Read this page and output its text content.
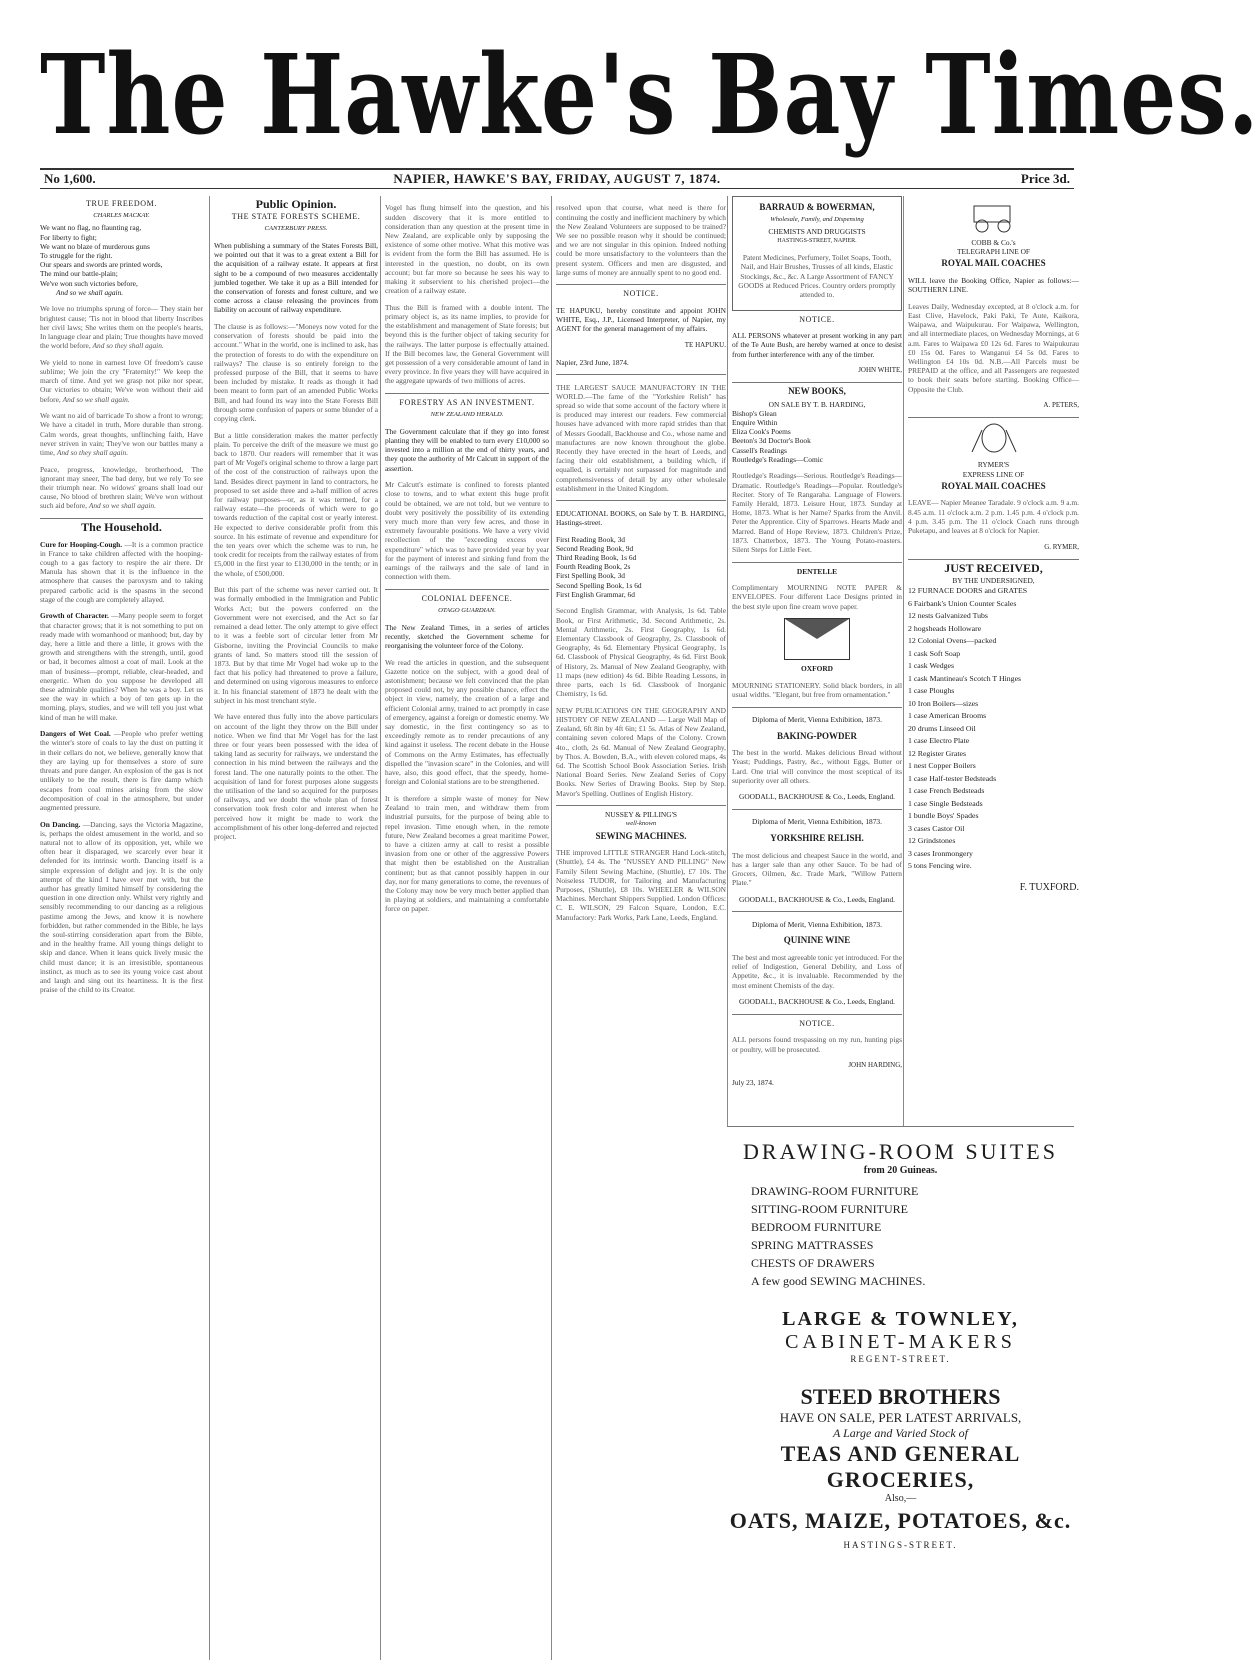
The Hawke's Bay Times.
No 1,600.	NAPIER, HAWKE'S BAY, FRIDAY, AUGUST 7, 1874.	Price 3d.
TRUE FREEDOM.
CHARLES MACKAY.

We want no flag, no flaunting rag,

For liberty to fight;

We want no blaze of murderous guns

To struggle for the right.

Our spears and swords are printed words,

The mind our battle-plain;

We've won such victories before,

And so we shall again.

We love no triumphs sprung of force— They stain her brightest cause; 'Tis not in blood that liberty Inscribes her civil laws; She writes them on the people's hearts, In language clear and plain; True thoughts have moved the world before, And so they shall again.

We yield to none in earnest love Of freedom's cause sublime; We join the cry "Fraternity!" We keep the march of time. And yet we grasp not pike nor spear, Our victories to obtain; We've won without their aid before, And so we shall again.

We want no aid of barricade To show a front to wrong; We have a citadel in truth, More durable than strong. Calm words, great thoughts, unflinching faith, Have never striven in vain; They've won our battles many a time, And so they shall again.

Peace, progress, knowledge, brotherhood, The ignorant may sneer, The bad deny, but we rely To see their triumph near. No widows' groans shall load our cause, No blood of brethren slain; We've won without such aid before, And so we shall again.

The Household.

Cure for Hooping-Cough. —It is a common practice in France to take children affected with the hooping-cough to a gas factory to respire the air there. Dr Manula has shown that it is the influence in the atmosphere that causes the paroxysm and to taking prepared carbolic acid is the spasms in the second stage of the cough are completely allayed.

Growth of Character. —Many people seem to forget that character grows; that it is not something to put on ready made with womanhood or manhood; but, day by day, here a little and there a little, it grows with the growth and strengthens with the strength, until, good or bad, it becomes almost a coat of mail. Look at the man of business—prompt, reliable, clear-headed, and energetic. When do you suppose he developed all these admirable qualities? When he was a boy. Let us see the way in which a boy of ten gets up in the morning, plays, studies, and we will tell you just what kind of man he will make.

Dangers of Wet Coal. —People who prefer wetting the winter's store of coals to lay the dust on putting it in their cellars do not, we believe, generally know that they are laying up for themselves a store of sure threats and pure danger. An explosion of the gas is not unlikely to be the result, there is fire damp which escapes from coal mines arising from the slow decomposition of coal in the atmosphere, but under augmented pressure.

On Dancing. —Dancing, says the Victoria Magazine, is, perhaps the oldest amusement in the world, and so natural not to allow of its opposition, yet, while we often hear it disparaged, we scarcely ever hear it defended for its intrinsic worth. Dancing itself is a simple expression of delight and joy. It is the only attempt of the kind I have ever met with, but the author has greatly limited himself by considering the question in one direction only. Whilst very rightly and sensibly recommending to our dancing as a religious pastime among the Jews, and know it is nowhere forbidden, but rather commended in the Bible, he lays the soul-stirring consideration apart from the Bible, and in the healthy frame. All young things delight to skip and dance. When it leans quick lively music the child must dance; it is an irresistible, spontaneous instinct, as much as to see its young voice cast about and laugh and sing out its heartiness. It is the first praise of the child to its Creator.

Public Opinion.
THE STATE FORESTS SCHEME.
CANTERBURY PRESS.

When publishing a summary of the States Forests Bill, we pointed out that it was to a great extent a Bill for the acquisition of a railway estate. It appears at first sight to be a compound of two measures accidentally jumbled together. We take it up as a Bill intended for the conservation of forests and forest culture, and we come across a clause releasing the provinces from liability on account of railway expenditure.

The clause is as follows:—"Moneys now voted for the conservation of forests should be paid into the account." What in the world, one is inclined to ask, has the protection of forests to do with the expenditure on railways? The clause is so entirely foreign to the professed purpose of the Bill, that it seems to have been included by mistake. It reads as though it had been meant to form part of an amended Public Works Bill, and had found its way into the State Forests Bill through some confusion of papers or some blunder of a copying clerk.

But a little consideration makes the matter perfectly plain. To perceive the drift of the measure we must go back to 1870. Our readers will remember that it was part of Mr Vogel's original scheme to throw a large part of the cost of the construction of railways upon the land. Besides direct payment in land to contractors, he proposed to set aside three and a-half million of acres for railway purposes—or, as it was termed, for a railway estate—the proceeds of which were to go towards reduction of the capital cost or yearly interest. He expected to derive considerable profit from this source. In his estimate of revenue and expenditure for the ten years over which the scheme was to run, he took credit for receipts from the railway estates of from £5,000 in the first year to £130,000 in the tenth; or in the whole, of £500,000.

But this part of the scheme was never carried out. It was formally embodied in the Immigration and Public Works Act; but the powers conferred on the Government were not exercised, and the Act so far remained a dead letter. The only attempt to give effect to it was a feeble sort of circular letter from Mr Gisborne, inviting the Provincial Councils to make grants of land. So matters stood till the session of 1873. But by that time Mr Vogel had woke up to the fact that his policy had threatened to prove a failure, and determined on using vigorous measures to enforce it. In his financial statement of 1873 he dealt with the subject in his most trenchant style.

We have entered thus fully into the above particulars on account of the light they throw on the Bill under notice. When we find that Mr Vogel has for the last three or four years been possessed with the idea of taking land as security for railways, we understand the connection in his mind between the railways and the forest land. The one naturally points to the other. The acquisition of land for forest purposes alone suggests the utilisation of the land so acquired for the purposes of railways, and we doubt the whole plan of forest conservation took fresh color and interest when he perceived how it might be made to work the accomplishment of his other long-deferred and rejected project.

Vogel has flung himself into the question, and his sudden discovery that it is more entitled to consideration than any question at the present time in New Zealand, are explicable only by supposing the existence of some other motive. What this motive was is evident from the form the Bill has assumed. He is interested in the question, no doubt, on its own account; but far more so because he sees his way to making it subservient to his cherished project—the creation of a railway estate.

Thus the Bill is framed with a double intent. The primary object is, as its name implies, to provide for the establishment and management of State forests; but beyond this is the further object of taking security for the railways. The latter purpose is effectually attained. If the Bill becomes law, the General Government will get possession of a very considerable amount of land in every province. In five years they will have acquired in the aggregate upwards of two millions of acres.

FORESTRY AS AN INVESTMENT.
NEW ZEALAND HERALD.

The Government calculate that if they go into forest planting they will be enabled to turn every £10,000 so invested into a million at the end of thirty years, and they quote the authority of Mr Calcutt in support of the assertion.

Mr Calcutt's estimate is confined to forests planted close to towns, and to what extent this huge profit could be obtained, we are not told, but we venture to doubt very positively the possibility of its extending very much more than very few acres, and those in extremely favourable positions. We have a very vivid recollection of the "exceeding excess over expenditure" which was to have provided year by year for the payment of interest and sinking fund from the earnings of the railways and the sale of land in connection with them.

COLONIAL DEFENCE.
OTAGO GUARDIAN.

The New Zealand Times, in a series of articles recently, sketched the Government scheme for reorganising the volunteer force of the Colony.

We read the articles in question, and the subsequent Gazette notice on the subject, with a good deal of astonishment; because we felt convinced that the plan proposed could not, by any possible chance, effect the object in view, namely, the creation of a large and efficient Colonial army, trained to act promptly in case of emergency, against a foreign or domestic enemy. We say domestic, in the first contingency so as to exceedingly remote as to render precautions of any kind against it useless. The recent debate in the House of Commons on the Army Estimates, has effectually dispelled the "invasion scare" in the Colonies, and will have, also, this good effect, that the speedy, home-foreign and Colonial stations are to be strengthened.

It is therefore a simple waste of money for New Zealand to train men, and withdraw them from industrial pursuits, for the purpose of being able to repel invasion. Time enough when, in the remote future, New Zealand becomes a great maritime Power, to have a citizen army at call to resist a possible invasion from one or other of the aggressive Powers that might then be established on the Australian continent; but as that cannot possibly happen in our day, nor for many generations to come, the revenues of the Colony may now be very much better applied than in playing at soldiers, and maintaining a comfortable force on paper.

resolved upon that course, what need is there for continuing the costly and inefficient machinery by which the New Zealand Volunteers are supposed to be trained? We see no possible reason why it should be continued; and we are not singular in this opinion. Indeed nothing could be more unsatisfactory to the volunteers than the present system. Officers and men are disgusted, and large sums of money are annually spent to no good end.

NOTICE.

TE HAPUKU, hereby constitute and appoint JOHN WHITE, Esq., J.P., Licensed Interpreter, of Napier, my AGENT for the general management of my affairs.

TE HAPUKU.

Napier, 23rd June, 1874.

THE LARGEST SAUCE MANUFACTORY IN THE WORLD.—The fame of the "Yorkshire Relish" has spread so wide that some account of the factory where it is produced may interest our readers. Few commercial houses have advanced with more rapid strides than that of Messrs Goodall, Backhouse and Co., whose name and manufactures are now known throughout the globe. Recently they have erected in the heart of Leeds, and facing their old establishment, a building which, if equalled, is certainly not surpassed for magnitude and comprehensiveness of detail by any other wholesale establishment in the United Kingdom.

EDUCATIONAL BOOKS, on Sale by T. B. HARDING, Hastings-street.

First Reading Book, 3d

Second Reading Book, 9d

Third Reading Book, 1s 6d

Fourth Reading Book, 2s

First Spelling Book, 3d

Second Spelling Book, 1s 6d

First English Grammar, 6d

Second English Grammar, with Analysis, 1s 6d. Table Book, or First Arithmetic, 3d. Second Arithmetic, 2s. Mental Arithmetic, 2s. First Geography, 1s 6d. Elementary Classbook of Geography, 2s. Classbook of Geography, 4s 6d. Elementary Physical Geography, 1s 6d. Classbook of Physical Geography, 4s 6d. First Book of History, 2s. Manual of New Zealand Geography, with 11 maps (new edition) 4s 6d. Bible Reading Lessons, in three parts, each 1s 6d. Classbook of Inorganic Chemistry, 1s 6d.

NEW PUBLICATIONS ON THE GEOGRAPHY AND HISTORY OF NEW ZEALAND — Large Wall Map of Zealand, 6ft 8in by 4ft 6in; £1 5s. Atlas of New Zealand, containing seven colored Maps of the Colony. Crown 4to., cloth, 2s 6d. Manual of New Zealand Geography, by Thos. A. Bowden, B.A., with eleven colored maps, 4s 6d. The Scottish School Book Association Series. Irish National Board Series. New Zealand Series of Copy Books. New Series of Drawing Books. Step by Step. Mavor's Spelling. Outlines of English History.

NUSSEY & PILLING'S
well-known
SEWING MACHINES.

THE improved LITTLE STRANGER Hand Lock-stitch, (Shuttle), £4 4s. The "NUSSEY AND PILLING" New Family Silent Sewing Machine, (Shuttle), £7 10s. The Noiseless TUDOR, for Tailoring and Manufacturing Purposes, (Shuttle), £8 10s. WHEELER & WILSON Machines. Merchant Shippers Supplied. London Offices: C. E. WILSON, 29 Falcon Square, London, E.C. Manufactory: Park Works, Park Lane, Leeds, England.

BARRAUD & BOWERMAN,
Wholesale, Family, and Dispensing
CHEMISTS AND DRUGGISTS
HASTINGS-STREET, NAPIER.

Patent Medicines, Perfumery, Toilet Soaps, Tooth, Nail, and Hair Brushes, Trusses of all kinds, Elastic Stockings, &c., &c. A Large Assortment of FANCY GOODS at Reduced Prices. Country orders promptly attended to.

NOTICE.

ALL PERSONS whatever at present working in any part of the Te Aute Bush, are hereby warned at once to desist from further interference with any of the timber.

JOHN WHITE,

NEW BOOKS,
ON SALE BY T. B. HARDING,

Bishop's Glean

Enquire Within

Eliza Cook's Poems

Beeton's 3d Doctor's Book

Cassell's Readings

Routledge's Readings—Comic

Routledge's Readings—Serious. Routledge's Readings—Dramatic. Routledge's Readings—Popular. Routledge's Reciter. Story of Te Rangaraha. Language of Flowers. Family Herald, 1873. Leisure Hour, 1873. Sunday at Home, 1873. What is her Name? Sparks from the Anvil. Peter the Apprentice. City of Sparrows. Hearts Made and Marred. Band of Hope Review, 1873. Children's Prize, 1873. Chatterbox, 1873. The Young Potato-roasters. Silent Steps for Little Feet.

DENTELLE

Complimentary MOURNING NOTE PAPER & ENVELOPES. Four different Lace Designs printed in the best style upon fine cream wove paper.

OXFORD

MOURNING STATIONERY. Solid black borders, in all usual widths. "Elegant, but free from ornamentation."

Diploma of Merit, Vienna Exhibition, 1873.

BAKING-POWDER

The best in the world. Makes delicious Bread without Yeast; Puddings, Pastry, &c., without Eggs, Butter or Lard. One trial will convince the most sceptical of its superiority over all others.

GOODALL, BACKHOUSE & Co., Leeds, England.

Diploma of Merit, Vienna Exhibition, 1873.

YORKSHIRE RELISH.

The most delicious and cheapest Sauce in the world, and has a larger sale than any other Sauce. To be had of Grocers, Oilmen, &c. Trade Mark, "Willow Pattern Plate."

GOODALL, BACKHOUSE & Co., Leeds, England.

Diploma of Merit, Vienna Exhibition, 1873.

QUININE WINE

The best and most agreeable tonic yet introduced. For the relief of Indigestion, General Debility, and Loss of Appetite, &c., it is invaluable. Recommended by the most eminent Chemists of the day.

GOODALL, BACKHOUSE & Co., Leeds, England.

NOTICE.

ALL persons found trespassing on my run, hunting pigs or poultry, will be prosecuted.

JOHN HARDING,

July 23, 1874.

COBB & Co.'s
TELEGRAPH LINE OF
ROYAL MAIL COACHES

WILL leave the Booking Office, Napier as follows:— SOUTHERN LINE.

Leaves Daily, Wednesday excepted, at 8 o'clock a.m. for East Clive, Havelock, Paki Paki, Te Aute, Kaikora, Waipawa, and Waipukurau. For Waipawa, Wellington, and all intermediate places, on Wednesday Mornings, at 6 a.m. Fares to Waipawa £0 12s 6d. Fares to Waipukurau £0 15s 0d. Fares to Wanganui £4 5s 0d. Fares to Wellington £4 10s 0d. N.B.—All Parcels must be PREPAID at the office, and all Passengers are requested to book their seats before starting. Booking Office—Opposite the Club.

A. PETERS,

RYMER'S
EXPRESS LINE OF
ROYAL MAIL COACHES

LEAVE— Napier Meanee Taradale. 9 o'clock a.m. 9 a.m. 8.45 a.m. 11 o'clock a.m. 2 p.m. 1.45 p.m. 4 o'clock p.m. 4 p.m. 3.45 p.m. The 11 o'clock Coach runs through Puketapu, and leaves at 8 o'clock for Napier.

G. RYMER,

JUST RECEIVED,
BY THE UNDERSIGNED,

12 FURNACE DOORS and GRATES

6 Fairbank's Union Counter Scales

12 nests Galvanized Tubs

2 hogsheads Holloware

12 Colonial Ovens—packed

1 cask Soft Soap

1 cask Wedges

1 cask Mantineau's Scotch T Hinges

1 case Ploughs

10 Iron Boilers—sizes

1 case American Brooms

20 drums Linseed Oil

1 case Electro Plate

12 Register Grates

1 nest Copper Boilers

1 case Half-tester Bedsteads

1 case French Bedsteads

1 case Single Bedsteads

1 bundle Boys' Spades

3 cases Castor Oil

12 Grindstones

3 cases Ironmongery

5 tons Fencing wire.

F. TUXFORD.

DRAWING-ROOM SUITES
from 20 Guineas.
DRAWING-ROOM FURNITURE
SITTING-ROOM FURNITURE
BEDROOM FURNITURE
SPRING MATTRASSES
CHESTS OF DRAWERS
A few good SEWING MACHINES.
LARGE & TOWNLEY,
CABINET-MAKERS
REGENT-STREET.
STEED BROTHERS
HAVE ON SALE, PER LATEST ARRIVALS,
A Large and Varied Stock of
TEAS AND GENERAL GROCERIES,
Also,—
OATS, MAIZE, POTATOES, &c.
HASTINGS-STREET.
